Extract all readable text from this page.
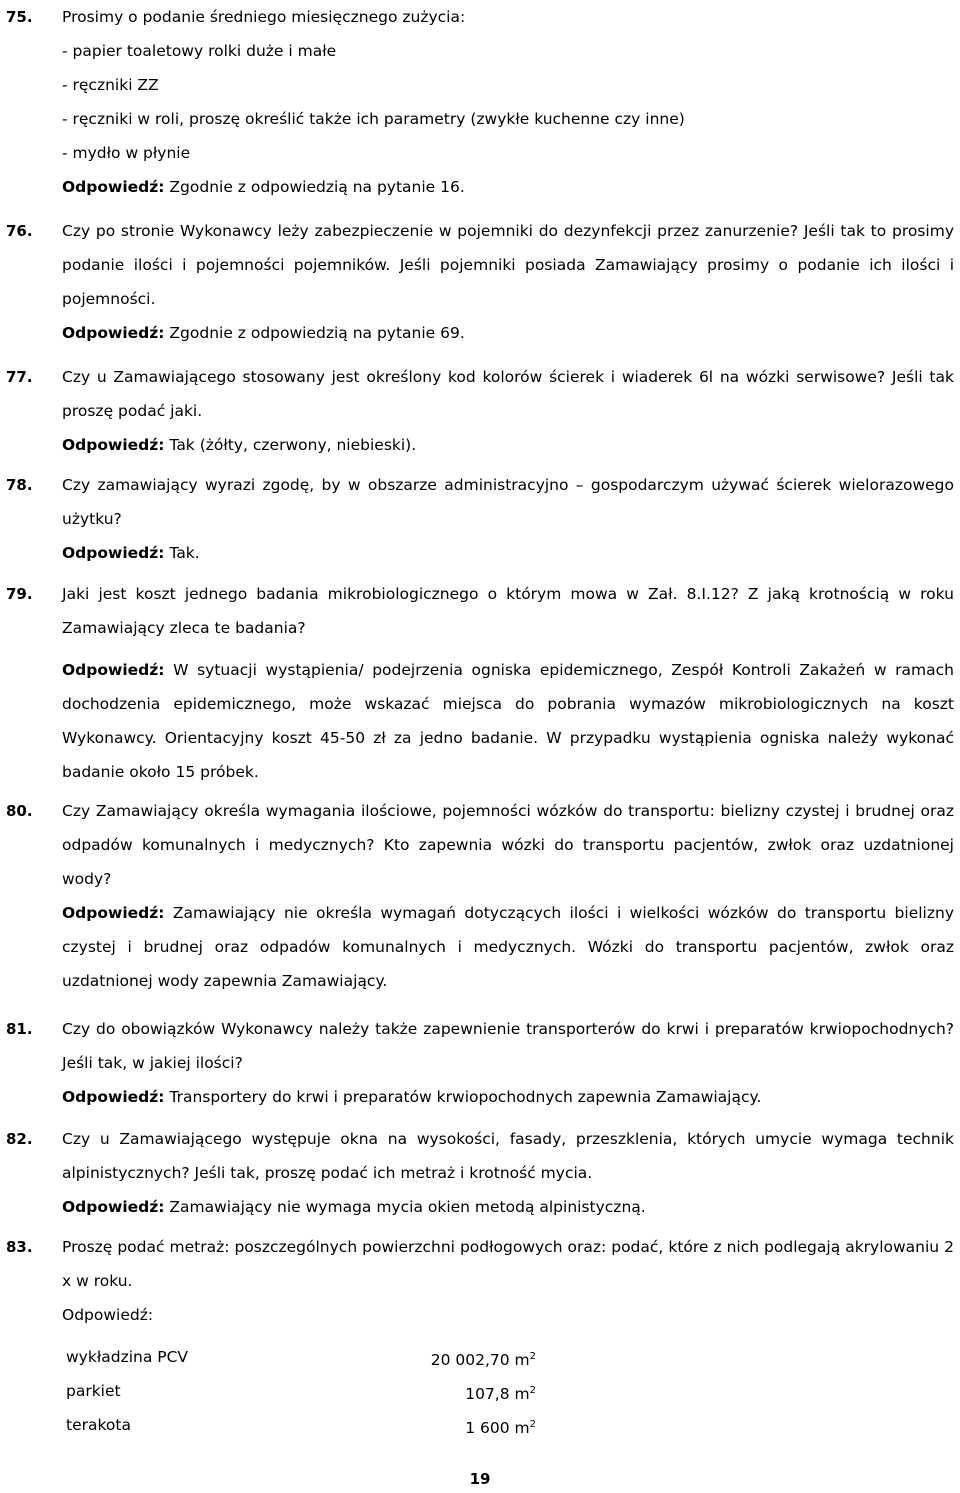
75. Prosimy o podanie średniego miesięcznego zużycia:
- papier toaletowy rolki duże i małe
- ręczniki ZZ
- ręczniki w roli, proszę określić także ich parametry (zwykłe kuchenne czy inne)
- mydło w płynie
Odpowiedź: Zgodnie z odpowiedzią na pytanie 16.
76. Czy po stronie Wykonawcy leży zabezpieczenie w pojemniki do dezynfekcji przez zanurzenie? Jeśli tak to prosimy podanie ilości i pojemności pojemników. Jeśli pojemniki posiada Zamawiający prosimy o podanie ich ilości i pojemności.
Odpowiedź: Zgodnie z odpowiedzią na pytanie 69.
77. Czy u Zamawiającego stosowany jest określony kod kolorów ścierek i wiaderek 6l na wózki serwisowe? Jeśli tak proszę podać jaki.
Odpowiedź: Tak (żółty, czerwony, niebieski).
78. Czy zamawiający wyrazi zgodę, by w obszarze administracyjno – gospodarczym używać ścierek wielorazowego użytku?
Odpowiedź: Tak.
79. Jaki jest koszt jednego badania mikrobiologicznego o którym mowa w Zał. 8.I.12? Z jaką krotnością w roku Zamawiający zleca te badania?
Odpowiedź: W sytuacji wystąpienia/ podejrzenia ogniska epidemicznego, Zespół Kontroli Zakażeń w ramach dochodzenia epidemicznego, może wskazać miejsca do pobrania wymazów mikrobiologicznych na koszt Wykonawcy. Orientacyjny koszt 45-50 zł za jedno badanie. W przypadku wystąpienia ogniska należy wykonać badanie około 15 próbek.
80. Czy Zamawiający określa wymagania ilościowe, pojemności wózków do transportu: bielizny czystej i brudnej oraz odpadów komunalnych i medycznych? Kto zapewnia wózki do transportu pacjentów, zwłok oraz uzdatnionej wody?
Odpowiedź: Zamawiający nie określa wymagań dotyczących ilości i wielkości wózków do transportu bielizny czystej i brudnej oraz odpadów komunalnych i medycznych. Wózki do transportu pacjentów, zwłok oraz uzdatnionej wody zapewnia Zamawiający.
81. Czy do obowiązków Wykonawcy należy także zapewnienie transporterów do krwi i preparatów krwiopochodnych? Jeśli tak, w jakiej ilości?
Odpowiedź: Transportery do krwi i preparatów krwiopochodnych zapewnia Zamawiający.
82. Czy u Zamawiającego występuje okna na wysokości, fasady, przeszklenia, których umycie wymaga technik alpinistycznych? Jeśli tak, proszę podać ich metraż i krotność mycia.
Odpowiedź: Zamawiający nie wymaga mycia okien metodą alpinistyczną.
83. Proszę podać metraż: poszczególnych powierzchni podłogowych oraz: podać, które z nich podlegają akrylowaniu 2 x w roku.
Odpowiedź:
wykładzina PCV	20 002,70 $m^2$
parkiet	107,8 $m^2$
terakota	1 600 $m^2$
19
